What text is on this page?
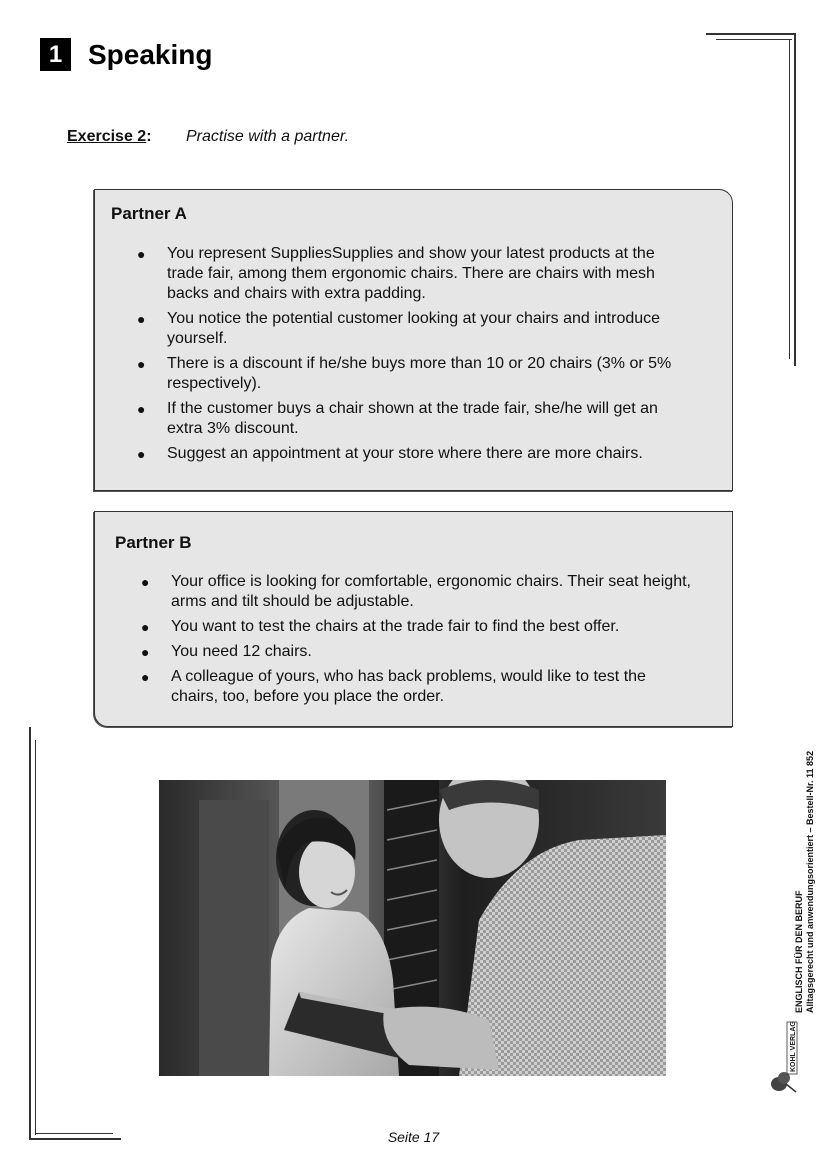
1 Speaking
Exercise 2: Practise with a partner.
Partner A
● You represent SuppliesSupplies and show your latest products at the
trade fair, among them ergonomic chairs. There are chairs with mesh
backs and chairs with extra padding.
● You notice the potential customer looking at your chairs and introduce
yourself.
● There is a discount if he/she buys more than 10 or 20 chairs (3% or 5%
respectively).
● If the customer buys a chair shown at the trade fair, she/he will get an
extra 3% discount.
● Suggest an appointment at your store where there are more chairs.
Partner B
● Your office is looking for comfortable, ergonomic chairs. Their seat height,
arms and tilt should be adjustable.
● You want to test the chairs at the trade fair to find the best offer.
● You need 12 chairs.
● A colleague of yours, who has back problems, would like to test the
chairs, too, before you place the order.
ENGLISCH FÜR DEN BERUF Alltagsgerecht und anwendungsorientiert – Bestell-Nr. 11 852
KOHL VERLAG
Seite 17
